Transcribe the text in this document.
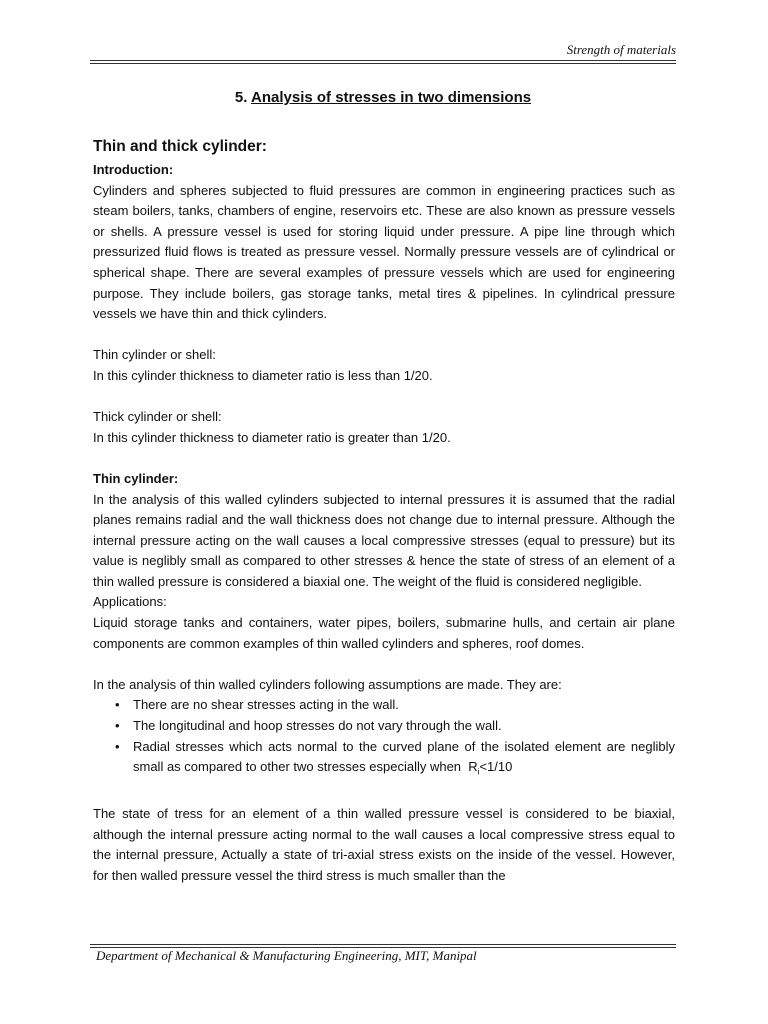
Strength of materials
5. Analysis of stresses in two dimensions
Thin and thick cylinder:
Introduction:

Cylinders and spheres subjected to fluid pressures are common in engineering practices such as steam boilers, tanks, chambers of engine, reservoirs etc. These are also known as pressure vessels or shells. A pressure vessel is used for storing liquid under pressure. A pipe line through which pressurized fluid flows is treated as pressure vessel. Normally pressure vessels are of cylindrical or spherical shape. There are several examples of pressure vessels which are used for engineering purpose. They include boilers, gas storage tanks, metal tires & pipelines. In cylindrical pressure vessels we have thin and thick cylinders.

Thin cylinder or shell:
In this cylinder thickness to diameter ratio is less than 1/20.
Thick cylinder or shell:
In this cylinder thickness to diameter ratio is greater than 1/20.
Thin cylinder:

In the analysis of this walled cylinders subjected to internal pressures it is assumed that the radial planes remains radial and the wall thickness does not change due to internal pressure. Although the internal pressure acting on the wall causes a local compressive stresses (equal to pressure) but its value is neglibly small as compared to other stresses & hence the state of stress of an element of a thin walled pressure is considered a biaxial one. The weight of the fluid is considered negligible.

Applications:

Liquid storage tanks and containers, water pipes, boilers, submarine hulls, and certain air plane components are common examples of thin walled cylinders and spheres, roof domes.

In the analysis of thin walled cylinders following assumptions are made. They are:
• There are no shear stresses acting in the wall.
• The longitudinal and hoop stresses do not vary through the wall.
• Radial stresses which acts normal to the curved plane of the isolated element are neglibly small as compared to other two stresses especially when $R_i<1/10$

The state of tress for an element of a thin walled pressure vessel is considered to be biaxial, although the internal pressure acting normal to the wall causes a local compressive stress equal to the internal pressure, Actually a state of tri-axial stress exists on the inside of the vessel. However, for then walled pressure vessel the third stress is much smaller than the

Department of Mechanical & Manufacturing Engineering, MIT, Manipal
